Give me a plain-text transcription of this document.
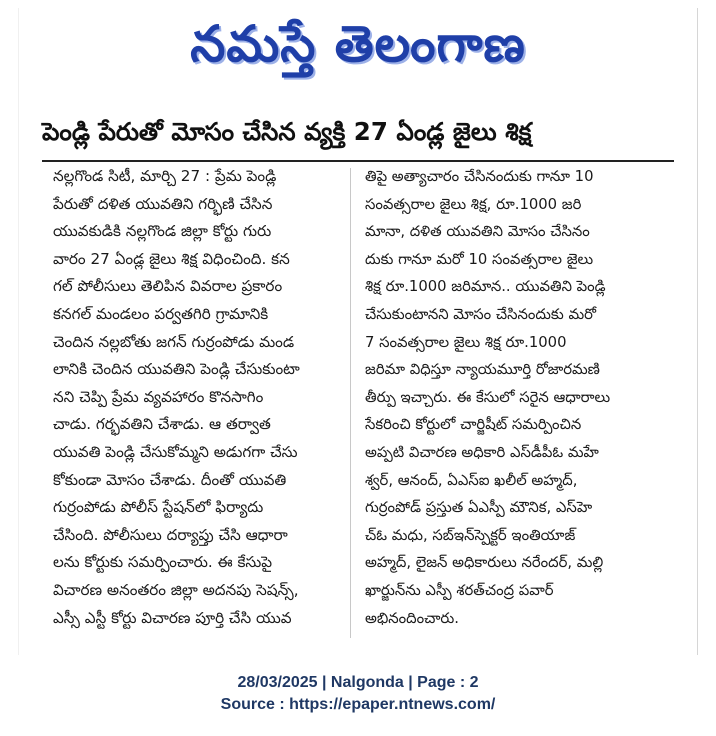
నమస్తే తెలంగాణ
పెండ్లి పేరుతో మోసం చేసిన వ్యక్తి 27 ఏండ్ల జైలు శిక్ష
నల్లగొండ సిటీ, మార్చి 27 : ప్రేమ పెండ్లి
పేరుతో దళిత యువతిని గర్భిణి చేసిన
యువకుడికి నల్లగొండ జిల్లా కోర్టు గురు
వారం 27 ఏండ్ల జైలు శిక్ష విధించింది. కన
గల్ పోలీసులు తెలిపిన వివరాల ప్రకారం
కనగల్ మండలం పర్వతగిరి గ్రామానికి
చెందిన నల్లబోతు జగన్ గుర్రంపోడు మండ
లానికి చెందిన యువతిని పెండ్లి చేసుకుంటా
నని చెప్పి ప్రేమ వ్యవహారం కొనసాగిం
చాడు. గర్భవతిని చేశాడు. ఆ తర్వాత
యువతి పెండ్లి చేసుకోమ్మని అడుగగా చేసు
కోకుండా మోసం చేశాడు. దీంతో యువతి
గుర్రంపోడు పోలీస్ స్టేషన్‌లో ఫిర్యాదు
చేసింది. పోలీసులు దర్యాప్తు చేసి ఆధారా
లను కోర్టుకు సమర్పించారు. ఈ కేసుపై
విచారణ అనంతరం జిల్లా అదనపు సెషన్స్,
ఎస్సీ ఎస్టీ కోర్టు విచారణ పూర్తి చేసి యువ
తిపై అత్యాచారం చేసినందుకు గానూ 10
సంవత్సరాల జైలు శిక్ష, రూ.1000 జరి
మానా, దళిత యువతిని మోసం చేసినం
దుకు గానూ మరో 10 సంవత్సరాల జైలు
శిక్ష రూ.1000 జరిమాన.. యువతిని పెండ్లి
చేసుకుంటానని మోసం చేసినందుకు మరో
7 సంవత్సరాల జైలు శిక్ష రూ.1000
జరిమా విధిస్తూ న్యాయమూర్తి రోజారమణి
తీర్పు ఇచ్చారు. ఈ కేసులో సరైన ఆధారాలు
సేకరించి కోర్టులో చార్జిషీట్ సమర్పించిన
అప్పటి విచారణ అధికారి ఎస్‌డీపీఓ మహే
శ్వర్, ఆనంద్, ఏఎస్ఐ ఖలీల్ అహ్మద్,
గుర్రంపోడ్ ప్రస్తుత ఏఎస్పీ మౌనిక, ఎస్‌హె
చ్‌ఓ మధు, సబ్‌ఇన్‌స్పెక్టర్ ఇంతియాజ్
అహ్మద్, లైజన్ అధికారులు నరేందర్, మల్లి
ఖార్జున్‌ను ఎస్పీ శరత్‌చంద్ర పవార్
అభినందించారు.

28/03/2025 | Nalgonda | Page : 2
Source : https://epaper.ntnews.com/
